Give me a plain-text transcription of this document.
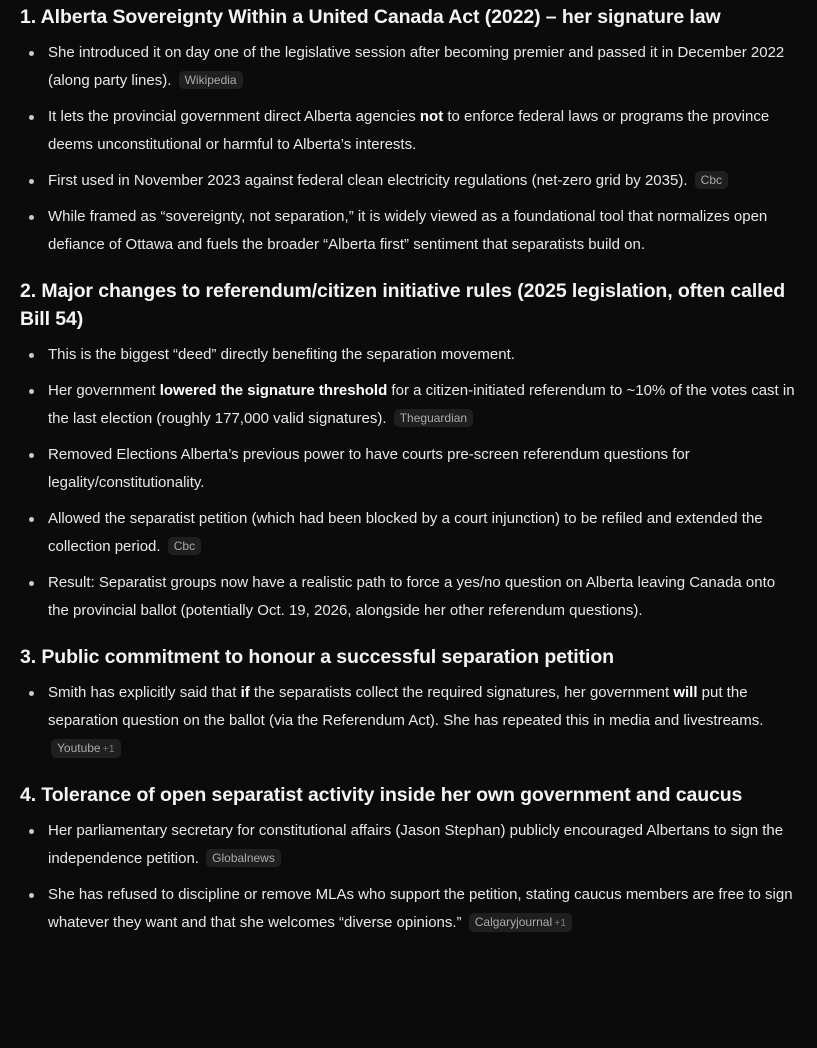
1. Alberta Sovereignty Within a United Canada Act (2022) – her signature law
She introduced it on day one of the legislative session after becoming premier and passed it in December 2022 (along party lines). Wikipedia
It lets the provincial government direct Alberta agencies not to enforce federal laws or programs the province deems unconstitutional or harmful to Alberta’s interests.
First used in November 2023 against federal clean electricity regulations (net-zero grid by 2035). Cbc
While framed as “sovereignty, not separation,” it is widely viewed as a foundational tool that normalizes open defiance of Ottawa and fuels the broader “Alberta first” sentiment that separatists build on.
2. Major changes to referendum/citizen initiative rules (2025 legislation, often called Bill 54)
This is the biggest “deed” directly benefiting the separation movement.
Her government lowered the signature threshold for a citizen-initiated referendum to ~10% of the votes cast in the last election (roughly 177,000 valid signatures). Theguardian
Removed Elections Alberta’s previous power to have courts pre-screen referendum questions for legality/constitutionality.
Allowed the separatist petition (which had been blocked by a court injunction) to be refiled and extended the collection period. Cbc
Result: Separatist groups now have a realistic path to force a yes/no question on Alberta leaving Canada onto the provincial ballot (potentially Oct. 19, 2026, alongside her other referendum questions).
3. Public commitment to honour a successful separation petition
Smith has explicitly said that if the separatists collect the required signatures, her government will put the separation question on the ballot (via the Referendum Act). She has repeated this in media and livestreams. Youtube +1
4. Tolerance of open separatist activity inside her own government and caucus
Her parliamentary secretary for constitutional affairs (Jason Stephan) publicly encouraged Albertans to sign the independence petition. Globalnews
She has refused to discipline or remove MLAs who support the petition, stating caucus members are free to sign whatever they want and that she welcomes “diverse opinions.” Calgaryjournal +1
